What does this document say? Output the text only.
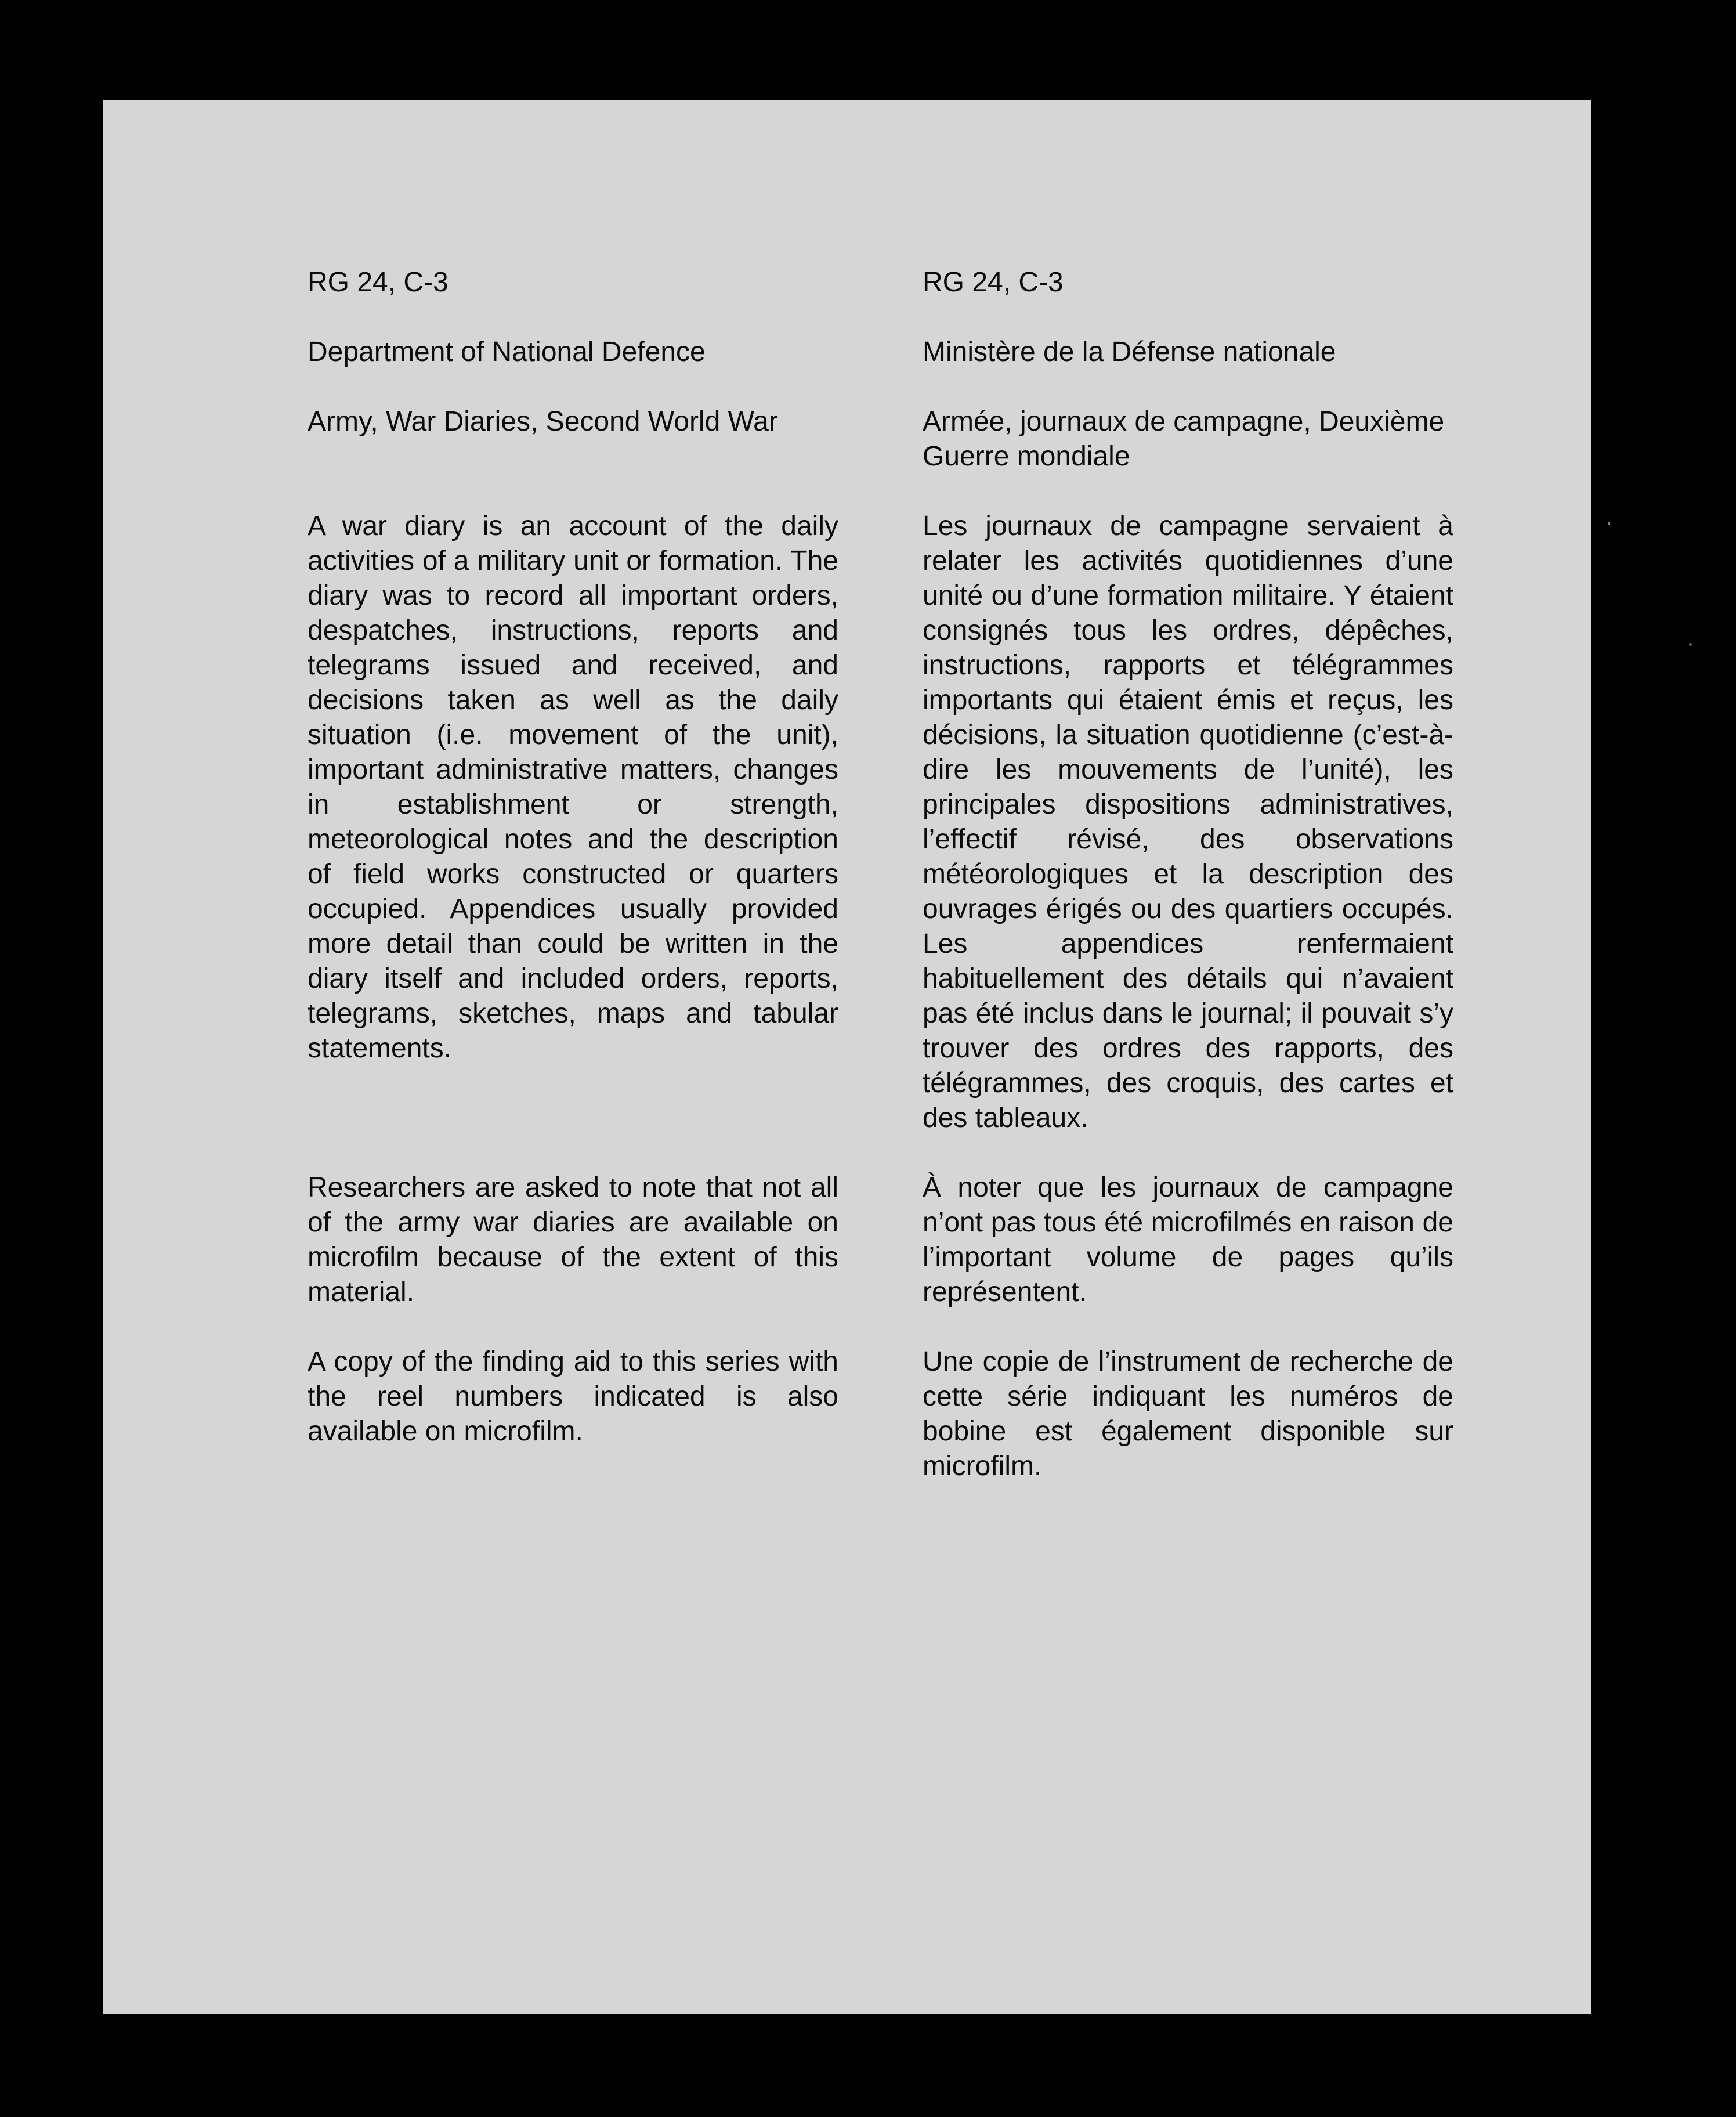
RG 24, C-3

Department of National Defence

Army, War Diaries, Second World War

A war diary is an account of the daily activities of a military unit or formation. The diary was to record all important orders, despatches, instructions, reports and telegrams issued and received, and decisions taken as well as the daily situation (i.e. movement of the unit), important administrative matters, changes in establishment or strength, meteorological notes and the description of field works constructed or quarters occupied. Appendices usually provided more detail than could be written in the diary itself and included orders, reports, telegrams, sketches, maps and tabular statements.

Researchers are asked to note that not all of the army war diaries are available on microfilm because of the extent of this material.

A copy of the finding aid to this series with the reel numbers indicated is also available on microfilm.

RG 24, C-3

Ministère de la Défense nationale

Armée, journaux de campagne, Deuxième Guerre mondiale

Les journaux de campagne servaient à relater les activités quotidiennes d’une unité ou d’une formation militaire. Y étaient consignés tous les ordres, dépêches, instructions, rapports et télégrammes importants qui étaient émis et reçus, les décisions, la situation quotidienne (c’est-à-dire les mouvements de l’unité), les principales dispositions administratives, l’effectif révisé, des observations météorologiques et la description des ouvrages érigés ou des quartiers occupés. Les appendices renfermaient habituellement des détails qui n’avaient pas été inclus dans le journal; il pouvait s’y trouver des ordres des rapports, des télégrammes, des croquis, des cartes et des tableaux.

À noter que les journaux de campagne n’ont pas tous été microfilmés en raison de l’important volume de pages qu’ils représentent.

Une copie de l’instrument de recherche de cette série indiquant les numéros de bobine est également disponible sur microfilm.
